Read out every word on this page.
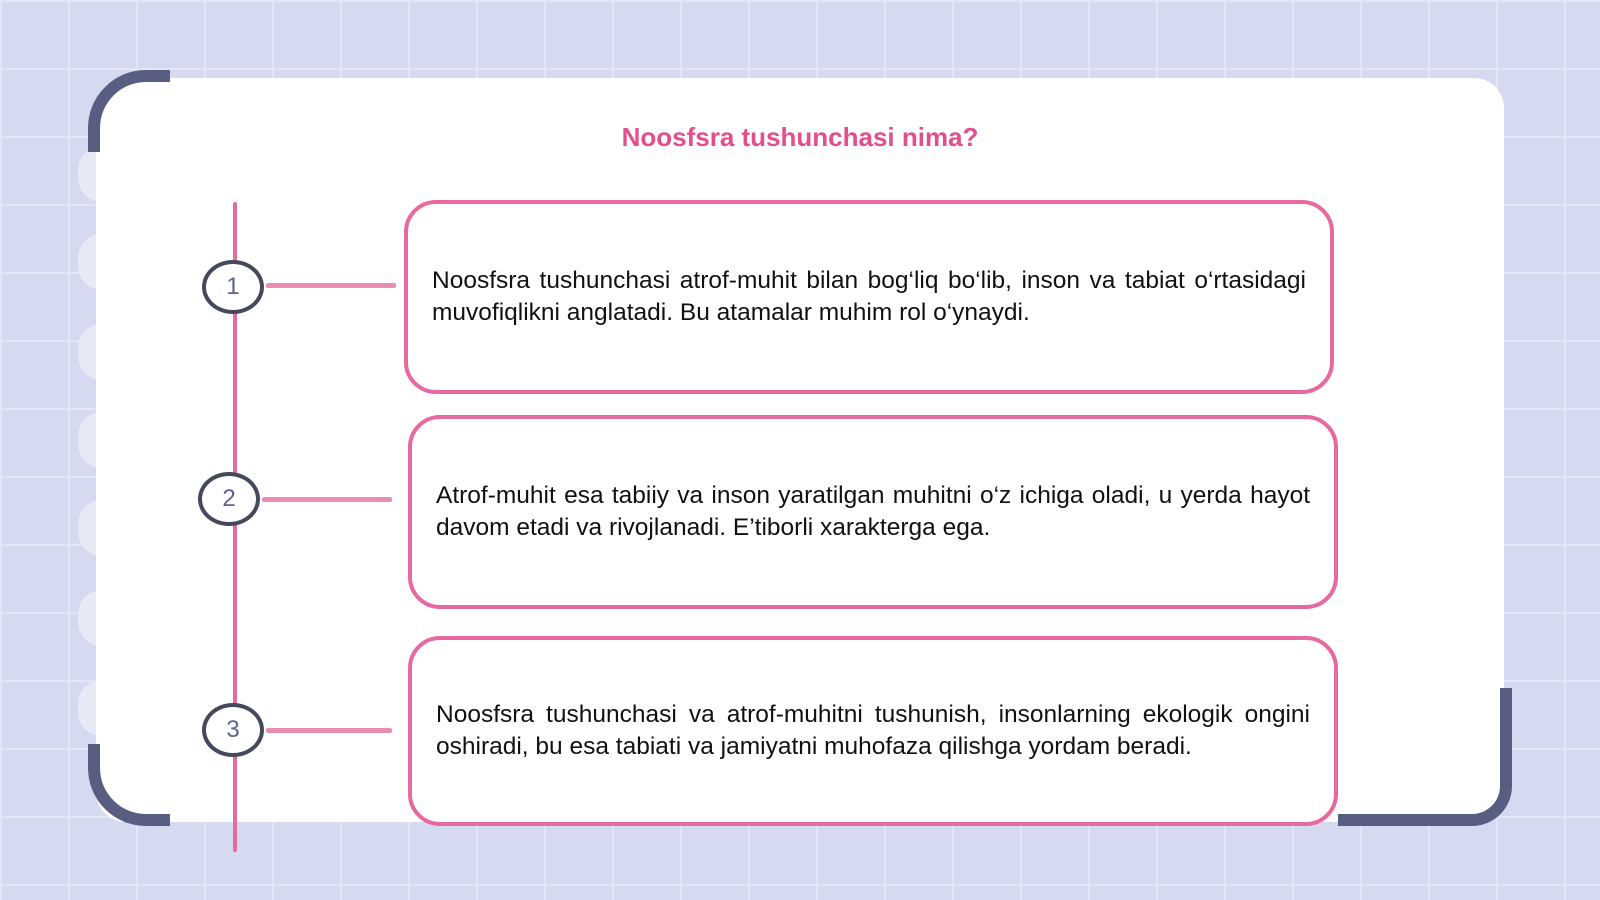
Noosfsra tushunchasi nima?
1	Noosfsra tushunchasi atrof-muhit bilan bog‘liq bo‘lib, inson va tabiat o‘rtasidagi muvofiqlikni anglatadi. Bu atamalar muhim rol o‘ynaydi.

2	Atrof-muhit esa tabiiy va inson yaratilgan muhitni o‘z ichiga oladi, u yerda hayot davom etadi va rivojlanadi. E’tiborli xarakterga ega.

3

Noosfsra tushunchasi va atrof-muhitni tushunish, insonlarning ekologik ongini oshiradi, bu esa tabiati va jamiyatni muhofaza qilishga yordam beradi.
